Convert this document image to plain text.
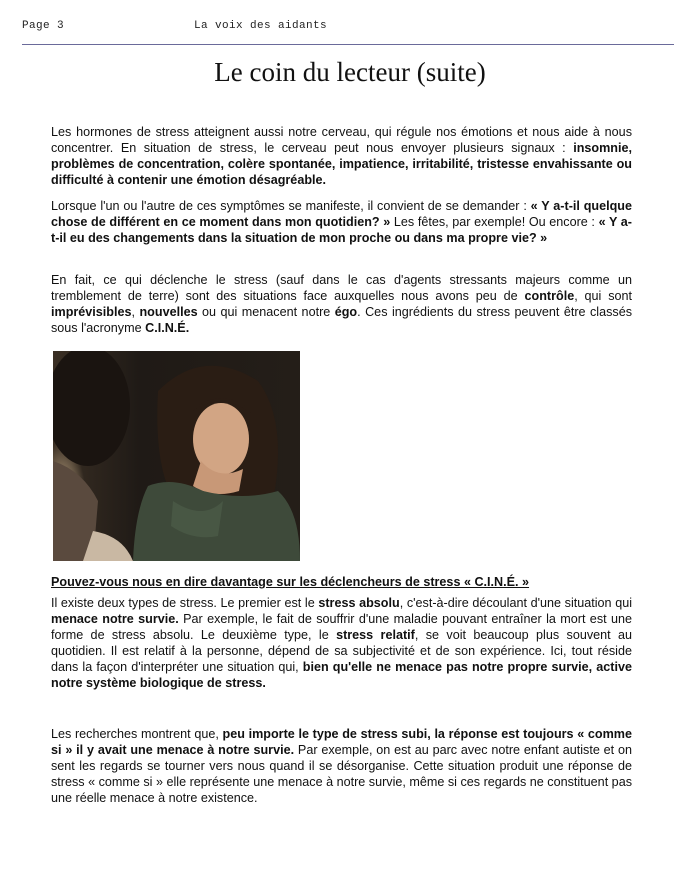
Page 3	La voix des aidants
Le coin du lecteur (suite)

Les hormones de stress atteignent aussi notre cerveau, qui régule nos émotions et nous aide à nous concentrer. En situation de stress, le cerveau peut nous envoyer plusieurs signaux : insomnie, problèmes de concentration, colère spontanée, impatience, irritabilité, tristesse envahissante ou difficulté à contenir une émotion désagréable.

Lorsque l'un ou l'autre de ces symptômes se manifeste, il convient de se demander : « Y a-t-il quelque chose de différent en ce moment dans mon quotidien? » Les fêtes, par exemple! Ou encore : « Y a-t-il eu des changements dans la situation de mon proche ou dans ma propre vie? »

En fait, ce qui déclenche le stress (sauf dans le cas d'agents stressants majeurs comme un tremblement de terre) sont des situations face auxquelles nous avons peu de contrôle, qui sont imprévisibles, nouvelles ou qui menacent notre égo. Ces ingrédients du stress peuvent être classés sous l'acronyme C.I.N.É.

Pouvez-vous nous en dire davantage sur les déclencheurs de stress « C.I.N.É. »

Il existe deux types de stress. Le premier est le stress absolu, c'est-à-dire découlant d'une situation qui menace notre survie. Par exemple, le fait de souffrir d'une maladie pouvant entraîner la mort est une forme de stress absolu. Le deuxième type, le stress relatif, se voit beaucoup plus souvent au quotidien. Il est relatif à la personne, dépend de sa subjectivité et de son expérience. Ici, tout réside dans la façon d'interpréter une situation qui, bien qu'elle ne menace pas notre propre survie, active notre système biologique de stress.

Les recherches montrent que, peu importe le type de stress subi, la réponse est toujours « comme si » il y avait une menace à notre survie. Par exemple, on est au parc avec notre enfant autiste et on sent les regards se tourner vers nous quand il se désorganise. Cette situation produit une réponse de stress « comme si » elle représente une menace à notre survie, même si ces regards ne constituent pas une réelle menace à notre existence.
